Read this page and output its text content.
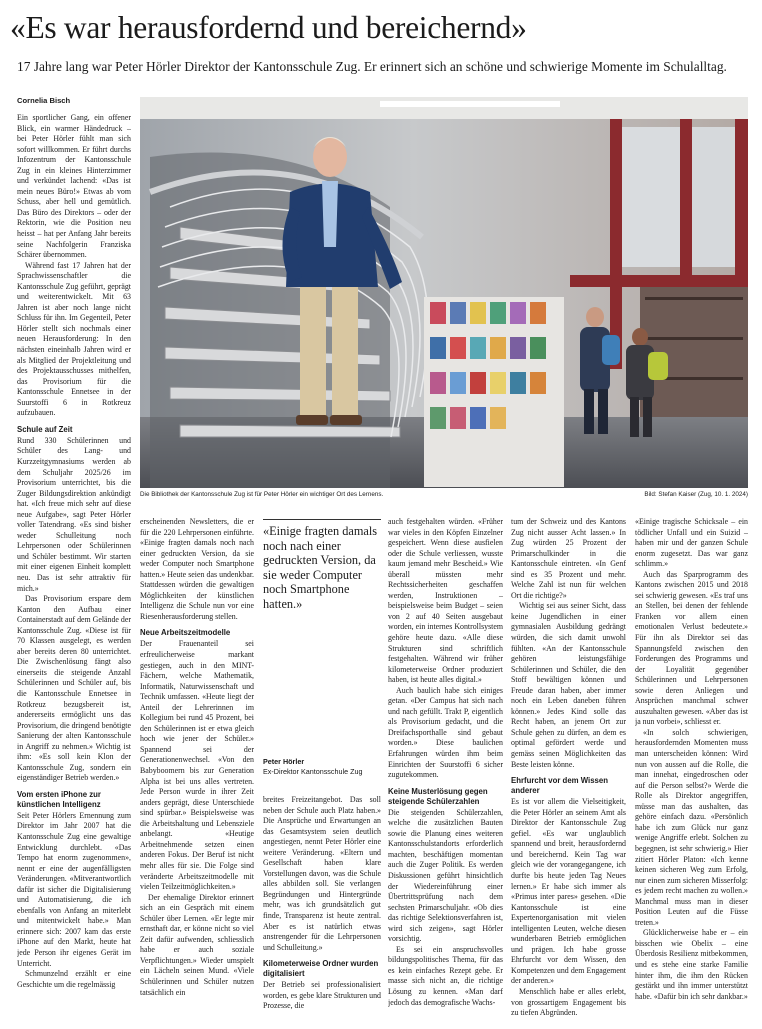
«Es war herausfordernd und bereichernd»

17 Jahre lang war Peter Hörler Direktor der Kantonsschule Zug. Er erinnert sich an schöne und schwierige Momente im Schulalltag.

Cornelia Bisch

Ein sportlicher Gang, ein offener Blick, ein warmer Händedruck – bei Peter Hörler fühlt man sich sofort willkommen. Er führt durchs Infozentrum der Kantonsschule Zug in ein kleines Hinterzimmer und verkündet lachend: «Das ist mein neues Büro!» Etwas ab vom Schuss, aber hell und gemütlich. Das Büro des Direktors – oder der Rektorin, wie die Position neu heisst – hat per Anfang Jahr bereits seine Nachfolgerin Franziska Schärer übernommen.

Während fast 17 Jahren hat der Sprachwissenschaftler die Kantonsschule Zug geführt, geprägt und weiterentwickelt. Mit 63 Jahren ist aber noch lange nicht Schluss für ihn. Im Gegenteil, Peter Hörler stellt sich nochmals einer neuen Herausforderung: In den nächsten eineinhalb Jahren wird er als Mitglied der Projektleitung und des Projektausschusses mithelfen, das Provisorium für die Kantonsschule Ennetsee in der Suurstoffi 6 in Rotkreuz aufzubauen.

Schule auf Zeit

Rund 330 Schülerinnen und Schüler des Lang- und Kurzzeitgymnasiums werden ab dem Schuljahr 2025/26 im Provisorium unterrichtet, bis die Zuger Bildungsdirektion ankündigt hat. «Ich freue mich sehr auf diese neue Aufgabe», sagt Peter Hörler voller Tatendrang. «Es sind bisher weder Schulleitung noch Lehrpersonen oder Schülerinnen und Schüler bestimmt. Wir starten mit einer eigenen Einheit komplett neu. Das ist sehr attraktiv für mich.»

Das Provisorium erspare dem Kanton den Aufbau einer Containerstadt auf dem Gelände der Kantonsschule Zug. «Diese ist für 70 Klassen ausgelegt, es werden aber bereits deren 80 unterrichtet. Die Zwischenlösung fängt also einerseits die steigende Anzahl Schülerinnen und Schüler auf, bis die Kantonsschule Ennetsee in Rotkreuz bezugsbereit ist, andererseits ermöglicht uns das Provisorium, die dringend benötigte Sanierung der alten Kantonsschule in Angriff zu nehmen.» Wichtig ist ihm: «Es soll kein Klon der Kantonsschule Zug, sondern ein eigenständiger Betrieb werden.»

Vom ersten iPhone zur künstlichen Intelligenz

Seit Peter Hörlers Ernennung zum Direktor im Jahr 2007 hat die Kantonsschule Zug eine gewaltige Entwicklung durchlebt. «Das Tempo hat enorm zugenommen», nennt er eine der augenfälligsten Veränderungen. «Mitverantwortlich dafür ist sicher die Digitalisierung und Automatisierung, die ich ebenfalls von Anfang an miterlebt und mitentwickelt habe.» Man erinnere sich: 2007 kam das erste iPhone auf den Markt, heute hat jede Person ihr eigenes Gerät im Unterricht.

Schmunzelnd erzählt er eine Geschichte um die regelmässig

Die Bibliothek der Kantonsschule Zug ist für Peter Hörler ein wichtiger Ort des Lernens.	Bild: Stefan Kaiser (Zug, 10. 1. 2024)

erscheinenden Newsletters, die er für die 220 Lehrpersonen einführte. «Einige fragten damals noch nach einer gedruckten Version, da sie weder Computer noch Smartphone hatten.» Heute seien das undenkbar. Stattdessen würden die gewaltigen Möglichkeiten der künstlichen Intelligenz die Schule nun vor eine Riesenherausforderung stellen.

Neue Arbeitszeitmodelle

Der Frauenanteil sei erfreulicherweise markant gestiegen, auch in den MINT-Fächern, welche Mathematik, Informatik, Naturwissenschaft und Technik umfassen. «Heute liegt der Anteil der Lehrerinnen im Kollegium bei rund 45 Prozent, bei den Schülerinnen ist er etwa gleich hoch wie jener der Schüler.» Spannend sei der Generationenwechsel. «Von den Babyboomern bis zur Generation Alpha ist bei uns alles vertreten. Jede Person wurde in ihrer Zeit anders geprägt, diese Unterschiede sind spürbar.» Beispielsweise was die Arbeitshaltung und Lebensziele anbelangt. «Heutige Arbeitnehmende setzen einen anderen Fokus. Der Beruf ist nicht mehr alles für sie. Die Folge sind veränderte Arbeitszeitmodelle mit vielen Teilzeitmöglichkeiten.»

Der ehemalige Direktor erinnert sich an ein Gespräch mit einem Schüler über Lernen. «Er legte mir ernsthaft dar, er könne nicht so viel Zeit dafür aufwenden, schliesslich habe er auch soziale Verpflichtungen.» Wieder umspielt ein Lächeln seinen Mund. «Viele Schülerinnen und Schüler nutzen tatsächlich ein

«Einige fragten damals noch nach einer gedruckten Version, da sie weder Computer noch Smartphone hatten.»
Peter Hörler
Ex-Direktor Kantonsschule Zug

breites Freizeitangebot. Das soll neben der Schule auch Platz haben.» Die Ansprüche und Erwartungen an das Gesamtsystem seien deutlich angestiegen, nennt Peter Hörler eine weitere Veränderung. «Eltern und Gesellschaft haben klare Vorstellungen davon, was die Schule alles abbilden soll. Sie verlangen Begründungen und Hintergründe mehr, was ich grundsätzlich gut finde, Transparenz ist heute zentral. Aber es ist natürlich etwas anstrengender für die Lehrpersonen und Schulleitung.»

Kilometerweise Ordner wurden digitalisiert

Der Betrieb sei professionalisiert worden, es gebe klare Strukturen und Prozesse, die

auch festgehalten würden. «Früher war vieles in den Köpfen Einzelner gespeichert. Wenn diese ausfielen oder die Schule verliessen, wusste kaum jemand mehr Bescheid.» Wie überall müssten mehr Rechtssicherheiten geschaffen werden, Instruktionen – beispielsweise beim Budget – seien von 2 auf 40 Seiten ausgebaut worden, ein internes Kontrollsystem gehöre heute dazu. «Alle diese Strukturen sind schriftlich festgehalten. Während wir früher kilometerweise Ordner produziert haben, ist heute alles digital.»

Auch baulich habe sich einiges getan. «Der Campus hat sich nach und nach gefüllt. Trakt P, eigentlich als Provisorium gedacht, und die Dreifachsporthalle sind gebaut worden.» Diese baulichen Erfahrungen würden ihm beim Einrichten der Suurstoffi 6 sicher zugutekommen.

Keine Musterlösung gegen steigende Schülerzahlen

Die steigenden Schülerzahlen, welche die zusätzlichen Bauten sowie die Planung eines weiteren Kantonsschulstandorts erforderlich machten, beschäftigen momentan auch die Zuger Politik. Es werden Diskussionen geführt hinsichtlich der Wiedereinführung einer Übertrittsprüfung nach dem sechsten Primarschuljahr. «Ob dies das richtige Selektionsverfahren ist, wird sich zeigen», sagt Hörler vorsichtig.

Es sei ein anspruchsvolles bildungspolitisches Thema, für das es kein einfaches Rezept gebe. Er masse sich nicht an, die richtige Lösung zu kennen. «Man darf jedoch das demografische Wachs-

tum der Schweiz und des Kantons Zug nicht ausser Acht lassen.» In Zug würden 25 Prozent der Primarschulkinder in die Kantonsschule eintreten. «In Genf sind es 35 Prozent und mehr. Welche Zahl ist nun für welchen Ort die richtige?»

Wichtig sei aus seiner Sicht, dass keine Jugendlichen in einer gymnasialen Ausbildung gedrängt würden, die sich damit unwohl fühlten. «An der Kantonsschule gehören leistungsfähige Schülerinnen und Schüler, die den Stoff bewältigen können und Freude daran haben, aber immer noch ein Leben daneben führen können.» Jedes Kind solle das Recht haben, an jenem Ort zur Schule gehen zu dürfen, an dem es optimal gefördert werde und gemäss seinen Möglichkeiten das Beste leisten könne.

Ehrfurcht vor dem Wissen anderer

Es ist vor allem die Vielseitigkeit, die Peter Hörler an seinem Amt als Direktor der Kantonsschule Zug gefiel. «Es war unglaublich spannend und breit, herausfordernd und bereichernd. Kein Tag war gleich wie der vorangegangene, ich durfte bis heute jeden Tag Neues lernen.» Er habe sich immer als «Primus inter pares» gesehen. «Die Kantonsschule ist eine Expertenorganisation mit vielen intelligenten Leuten, welche diesen wunderbaren Betrieb ermöglichen und prägen. Ich habe grosse Ehrfurcht vor dem Wissen, den Kompetenzen und dem Engagement der anderen.»

Menschlich habe er alles erlebt, von grossartigem Engagement bis zu tiefen Abgründen.

«Einige tragische Schicksale – ein tödlicher Unfall und ein Suizid – haben mir und der ganzen Schule enorm zugesetzt. Das war ganz schlimm.»

Auch das Sparprogramm des Kantons zwischen 2015 und 2018 sei schwierig gewesen. «Es traf uns an Stellen, bei denen der fehlende Franken vor allem einen emotionalen Verlust bedeutete.» Für ihn als Direktor sei das Spannungsfeld zwischen den Forderungen des Programms und der Loyalität gegenüber Schülerinnen und Lehrpersonen sowie deren Anliegen und Ansprüchen manchmal schwer auszuhalten gewesen. «Aber das ist ja nun vorbei», schliesst er.

«In solch schwierigen, herausfordernden Momenten muss man unterscheiden können: Wird nun von aussen auf die Rolle, die man innehat, eingedroschen oder auf die Person selbst?» Werde die Rolle als Direktor angegriffen, müsse man das aushalten, das gehöre einfach dazu. «Persönlich habe ich zum Glück nur ganz wenige Angriffe erlebt. Solchen zu begegnen, ist sehr schwierig.» Hier zitiert Hörler Platon: «Ich kenne keinen sicheren Weg zum Erfolg, nur einen zum sicheren Misserfolg: es jedem recht machen zu wollen.» Manchmal muss man in dieser Position Leuten auf die Füsse treten.»

Glücklicherweise habe er – ein bisschen wie Obelix – eine Überdosis Resilienz mitbekommen, und es stehe eine starke Familie hinter ihm, die ihm den Rücken gestärkt und ihn immer unterstützt habe. «Dafür bin ich sehr dankbar.»
